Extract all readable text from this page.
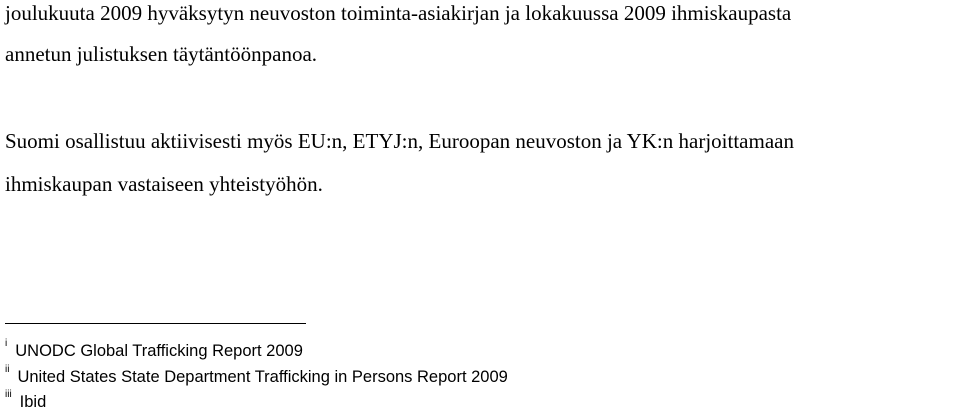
joulukuuta 2009 hyväksytyn neuvoston toiminta-asiakirjan ja lokakuussa 2009 ihmiskaupasta
annetun julistuksen täytäntöönpanoa.
Suomi osallistuu aktiivisesti myös EU:n, ETYJ:n, Euroopan neuvoston ja YK:n harjoittamaan
ihmiskaupan vastaiseen yhteistyöhön.
i UNODC Global Trafficking Report 2009
ii United States State Department Trafficking in Persons Report 2009
iii Ibid
